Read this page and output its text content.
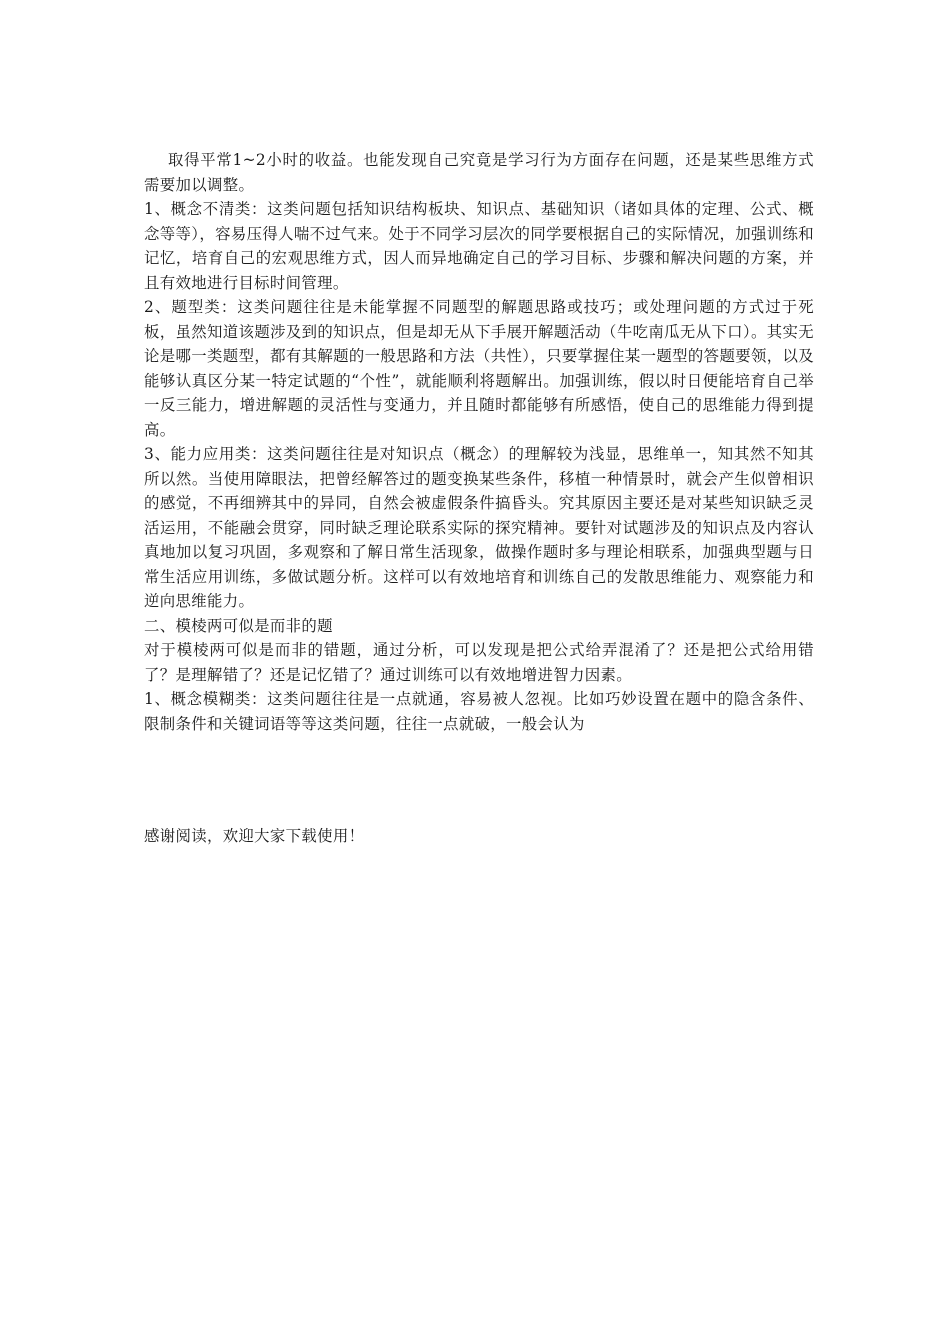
取得平常1~2小时的收益。也能发现自己究竟是学习行为方面存在问题，还是某些思维方式需要加以调整。

1、概念不清类：这类问题包括知识结构板块、知识点、基础知识（诸如具体的定理、公式、概念等等），容易压得人喘不过气来。处于不同学习层次的同学要根据自己的实际情况，加强训练和记忆，培育自己的宏观思维方式，因人而异地确定自己的学习目标、步骤和解决问题的方案，并且有效地进行目标时间管理。

2、题型类：这类问题往往是未能掌握不同题型的解题思路或技巧；或处理问题的方式过于死板，虽然知道该题涉及到的知识点，但是却无从下手展开解题活动（牛吃南瓜无从下口）。其实无论是哪一类题型，都有其解题的一般思路和方法（共性），只要掌握住某一题型的答题要领，以及能够认真区分某一特定试题的“个性”，就能顺利将题解出。加强训练，假以时日便能培育自己举一反三能力，增进解题的灵活性与变通力，并且随时都能够有所感悟，使自己的思维能力得到提高。

3、能力应用类：这类问题往往是对知识点（概念）的理解较为浅显，思维单一，知其然不知其所以然。当使用障眼法，把曾经解答过的题变换某些条件，移植一种情景时，就会产生似曾相识的感觉，不再细辨其中的异同，自然会被虚假条件搞昏头。究其原因主要还是对某些知识缺乏灵活运用，不能融会贯穿，同时缺乏理论联系实际的探究精神。要针对试题涉及的知识点及内容认真地加以复习巩固，多观察和了解日常生活现象，做操作题时多与理论相联系，加强典型题与日常生活应用训练，多做试题分析。这样可以有效地培育和训练自己的发散思维能力、观察能力和逆向思维能力。

二、模棱两可似是而非的题

对于模棱两可似是而非的错题，通过分析，可以发现是把公式给弄混淆了？还是把公式给用错了？是理解错了？还是记忆错了？通过训练可以有效地增进智力因素。

1、概念模糊类：这类问题往往是一点就通，容易被人忽视。比如巧妙设置在题中的隐含条件、限制条件和关键词语等等这类问题，往往一点就破，一般会认为

感谢阅读，欢迎大家下载使用！
